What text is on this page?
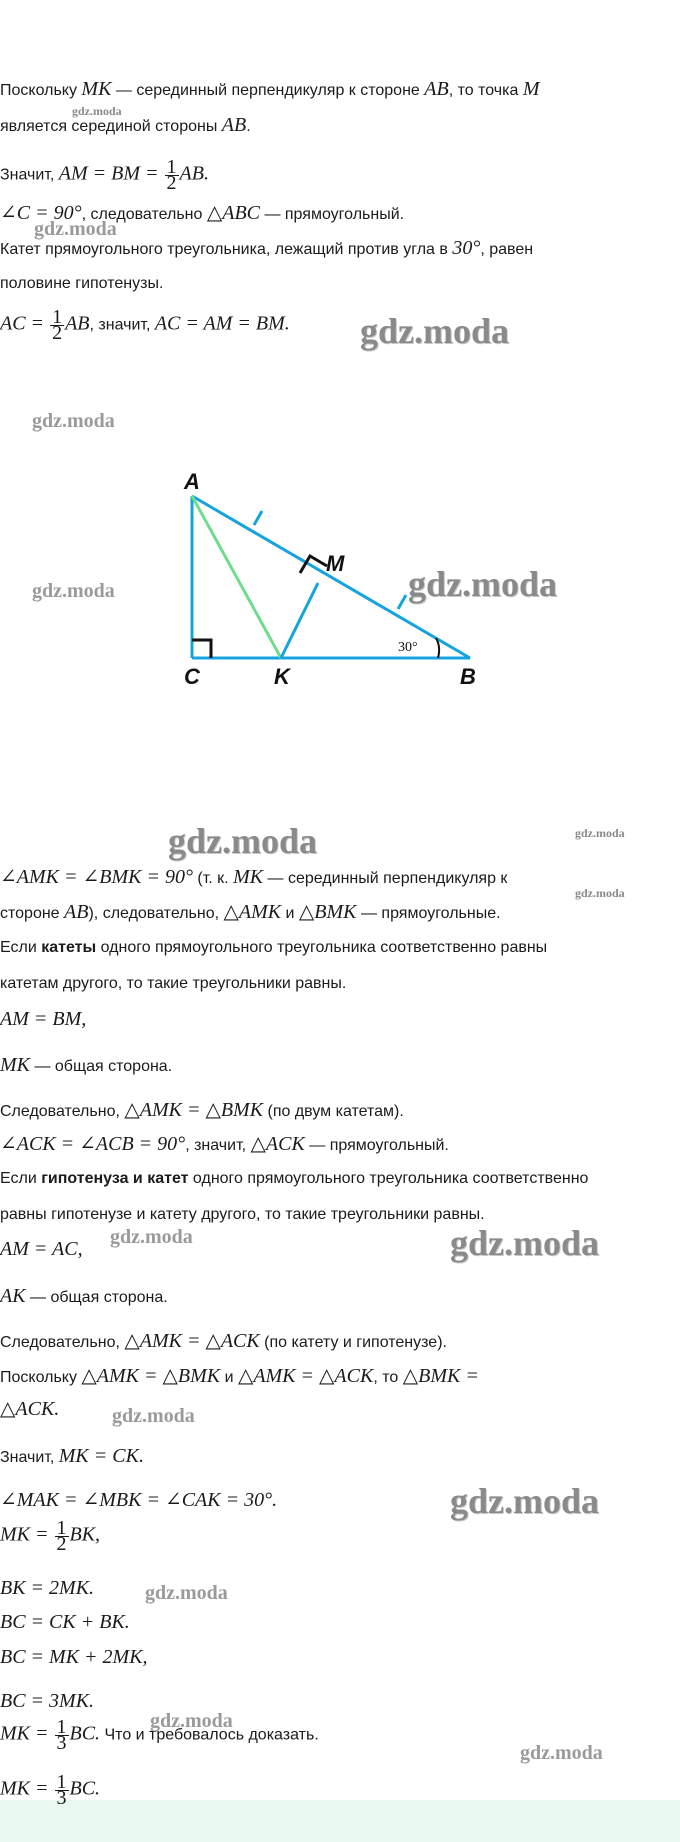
Поскольку MK — серединный перпендикуляр к стороне AB, то точка M
является серединой стороны AB.
Значит, AM = BM = $\frac{1}{2}$ AB.
∠C = 90°, следовательно △ABC — прямоугольный.
Катет прямоугольного треугольника, лежащий против угла в 30°, равен
половине гипотенузы.
AC = $\frac{1}{2}$ AB, значит, AC = AM = BM.
A
M
C	K	B
30°
∠AMK = ∠BMK = 90° (т. к. MK — серединный перпендикуляр к
стороне AB), следовательно, △AMK и △BMK — прямоугольные.
Если катеты одного прямоугольного треугольника соответственно равны
катетам другого, то такие треугольники равны.
AM = BM,
MK — общая сторона.
Следовательно, △AMK = △BMK (по двум катетам).
∠ACK = ∠ACB = 90°, значит, △ACK — прямоугольный.
Если гипотенуза и катет одного прямоугольного треугольника соответственно
равны гипотенузе и катету другого, то такие треугольники равны.
AM = AC,
AK — общая сторона.
Следовательно, △AMK = △ACK (по катету и гипотенузе).
Поскольку △AMK = △BMK и △AMK = △ACK, то △BMK =
△ACK.
Значит, MK = CK.
∠MAK = ∠MBK = ∠CAK = 30°.
MK = $\frac{1}{2}$ BK,
BK = 2MK.
BC = CK + BK.
BC = MK + 2MK,
BC = 3MK.
MK = $\frac{1}{3}$ BC. Что и требовалось доказать.
MK = $\frac{1}{3}$ BC.
gdz.moda
gdz.moda
gdz.moda
gdz.moda
gdz.moda	gdz.moda
gdz.moda	gdz.moda
gdz.moda
gdz.moda	gdz.moda
gdz.moda
gdz.moda
gdz.moda
gdz.moda
gdz.moda
